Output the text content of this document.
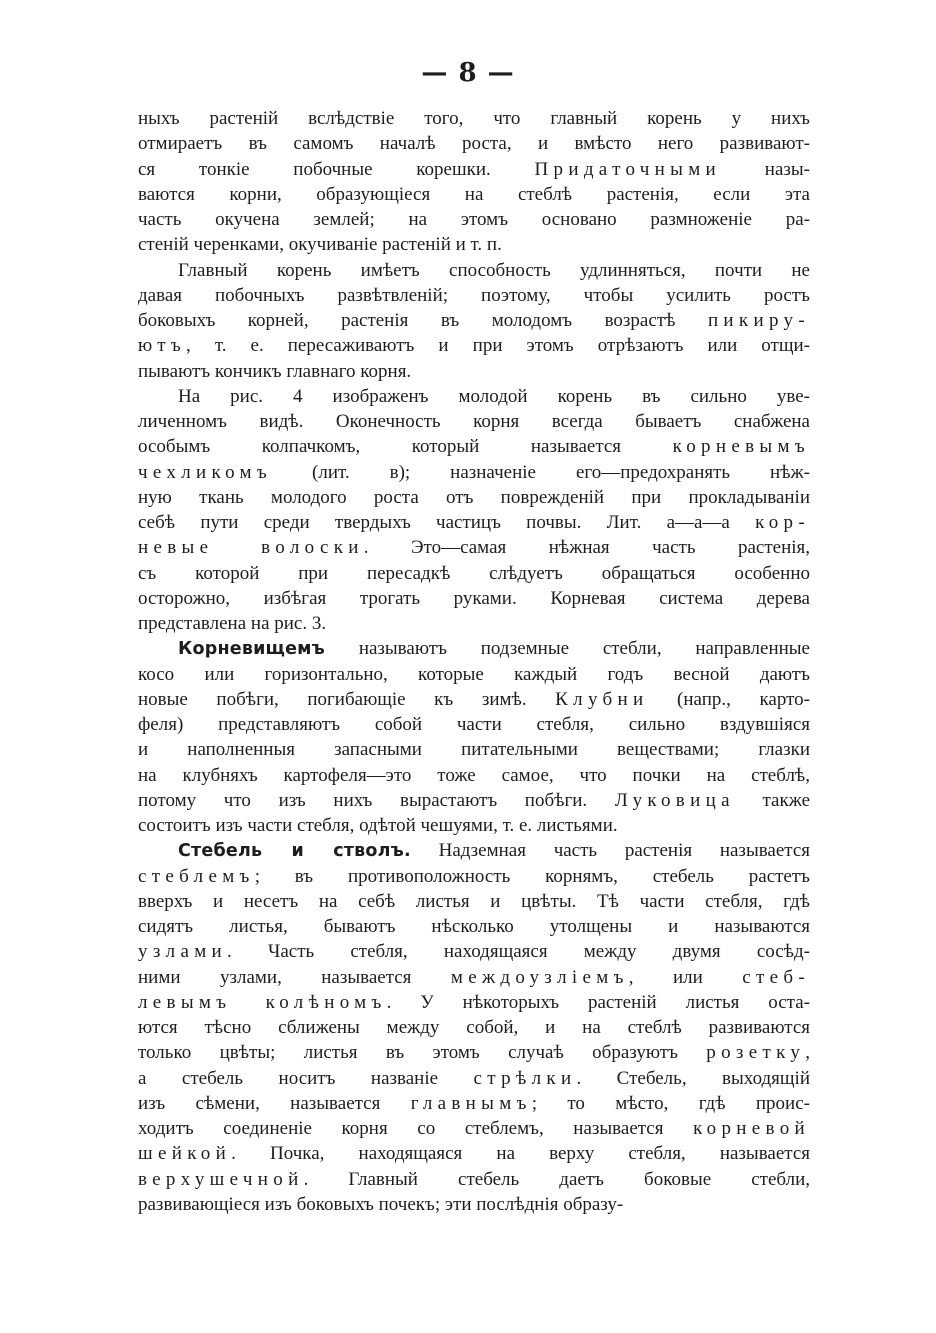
— 8 —
ныхъ растеній вслѣдствіе того, что главный корень у нихъ
отмираетъ въ самомъ началѣ роста, и вмѣсто него развивают-
ся тонкіе побочные корешки. Придаточными назы-
ваются корни, образующіеся на стеблѣ растенія, если эта
часть окучена землей; на этомъ основано размноженіе ра-
стеній черенками, окучиваніе растеній и т. п.
Главный корень имѣетъ способность удлинняться, почти не
давая побочныхъ развѣтвленій; поэтому, чтобы усилить ростъ
боковыхъ корней, растенія въ молодомъ возрастѣ пикиру-
ютъ, т. е. пересаживаютъ и при этомъ отрѣзаютъ или отщи-
пываютъ кончикъ главнаго корня.
На рис. 4 изображенъ молодой корень въ сильно уве-
личенномъ видѣ. Оконечность корня всегда бываетъ снабжена
особымъ колпачкомъ, который называется корневымъ
чехликомъ (лит. в); назначеніе его—предохранять нѣж-
ную ткань молодого роста отъ поврежденій при прокладываніи
себѣ пути среди твердыхъ частицъ почвы. Лит. а—а—а кор-
невые волоски. Это—самая нѣжная часть растенія,
съ которой при пересадкѣ слѣдуетъ обращаться особенно
осторожно, избѣгая трогать руками. Корневая система дерева
представлена на рис. 3.
Корневищемъ называютъ подземные стебли, направленные
косо или горизонтально, которые каждый годъ весной даютъ
новые побѣги, погибающіе къ зимѣ. Клубни (напр., карто-
феля) представляютъ собой части стебля, сильно вздувшіяся
и наполненныя запасными питательными веществами; глазки
на клубняхъ картофеля—это тоже самое, что почки на стеблѣ,
потому что изъ нихъ вырастаютъ побѣги. Луковица также
состоитъ изъ части стебля, одѣтой чешуями, т. е. листьями.
Стебель и стволъ. Надземная часть растенія называется
стеблемъ; въ противоположность корнямъ, стебель растетъ
вверхъ и несетъ на себѣ листья и цвѣты. Тѣ части стебля, гдѣ
сидятъ листья, бываютъ нѣсколько утолщены и называются
узлами. Часть стебля, находящаяся между двумя сосѣд-
ними узлами, называется междоузліемъ, или стеб-
левымъ колѣномъ. У нѣкоторыхъ растеній листья оста-
ются тѣсно сближены между собой, и на стеблѣ развиваются
только цвѣты; листья въ этомъ случаѣ образуютъ розетку,
а стебель носитъ названіе стрѣлки. Стебель, выходящій
изъ сѣмени, называется главнымъ; то мѣсто, гдѣ проис-
ходитъ соединеніе корня со стеблемъ, называется корневой
шейкой. Почка, находящаяся на верху стебля, называется
верхушечной. Главный стебель даетъ боковые стебли,
развивающіеся изъ боковыхъ почекъ; эти послѣднія образу-
